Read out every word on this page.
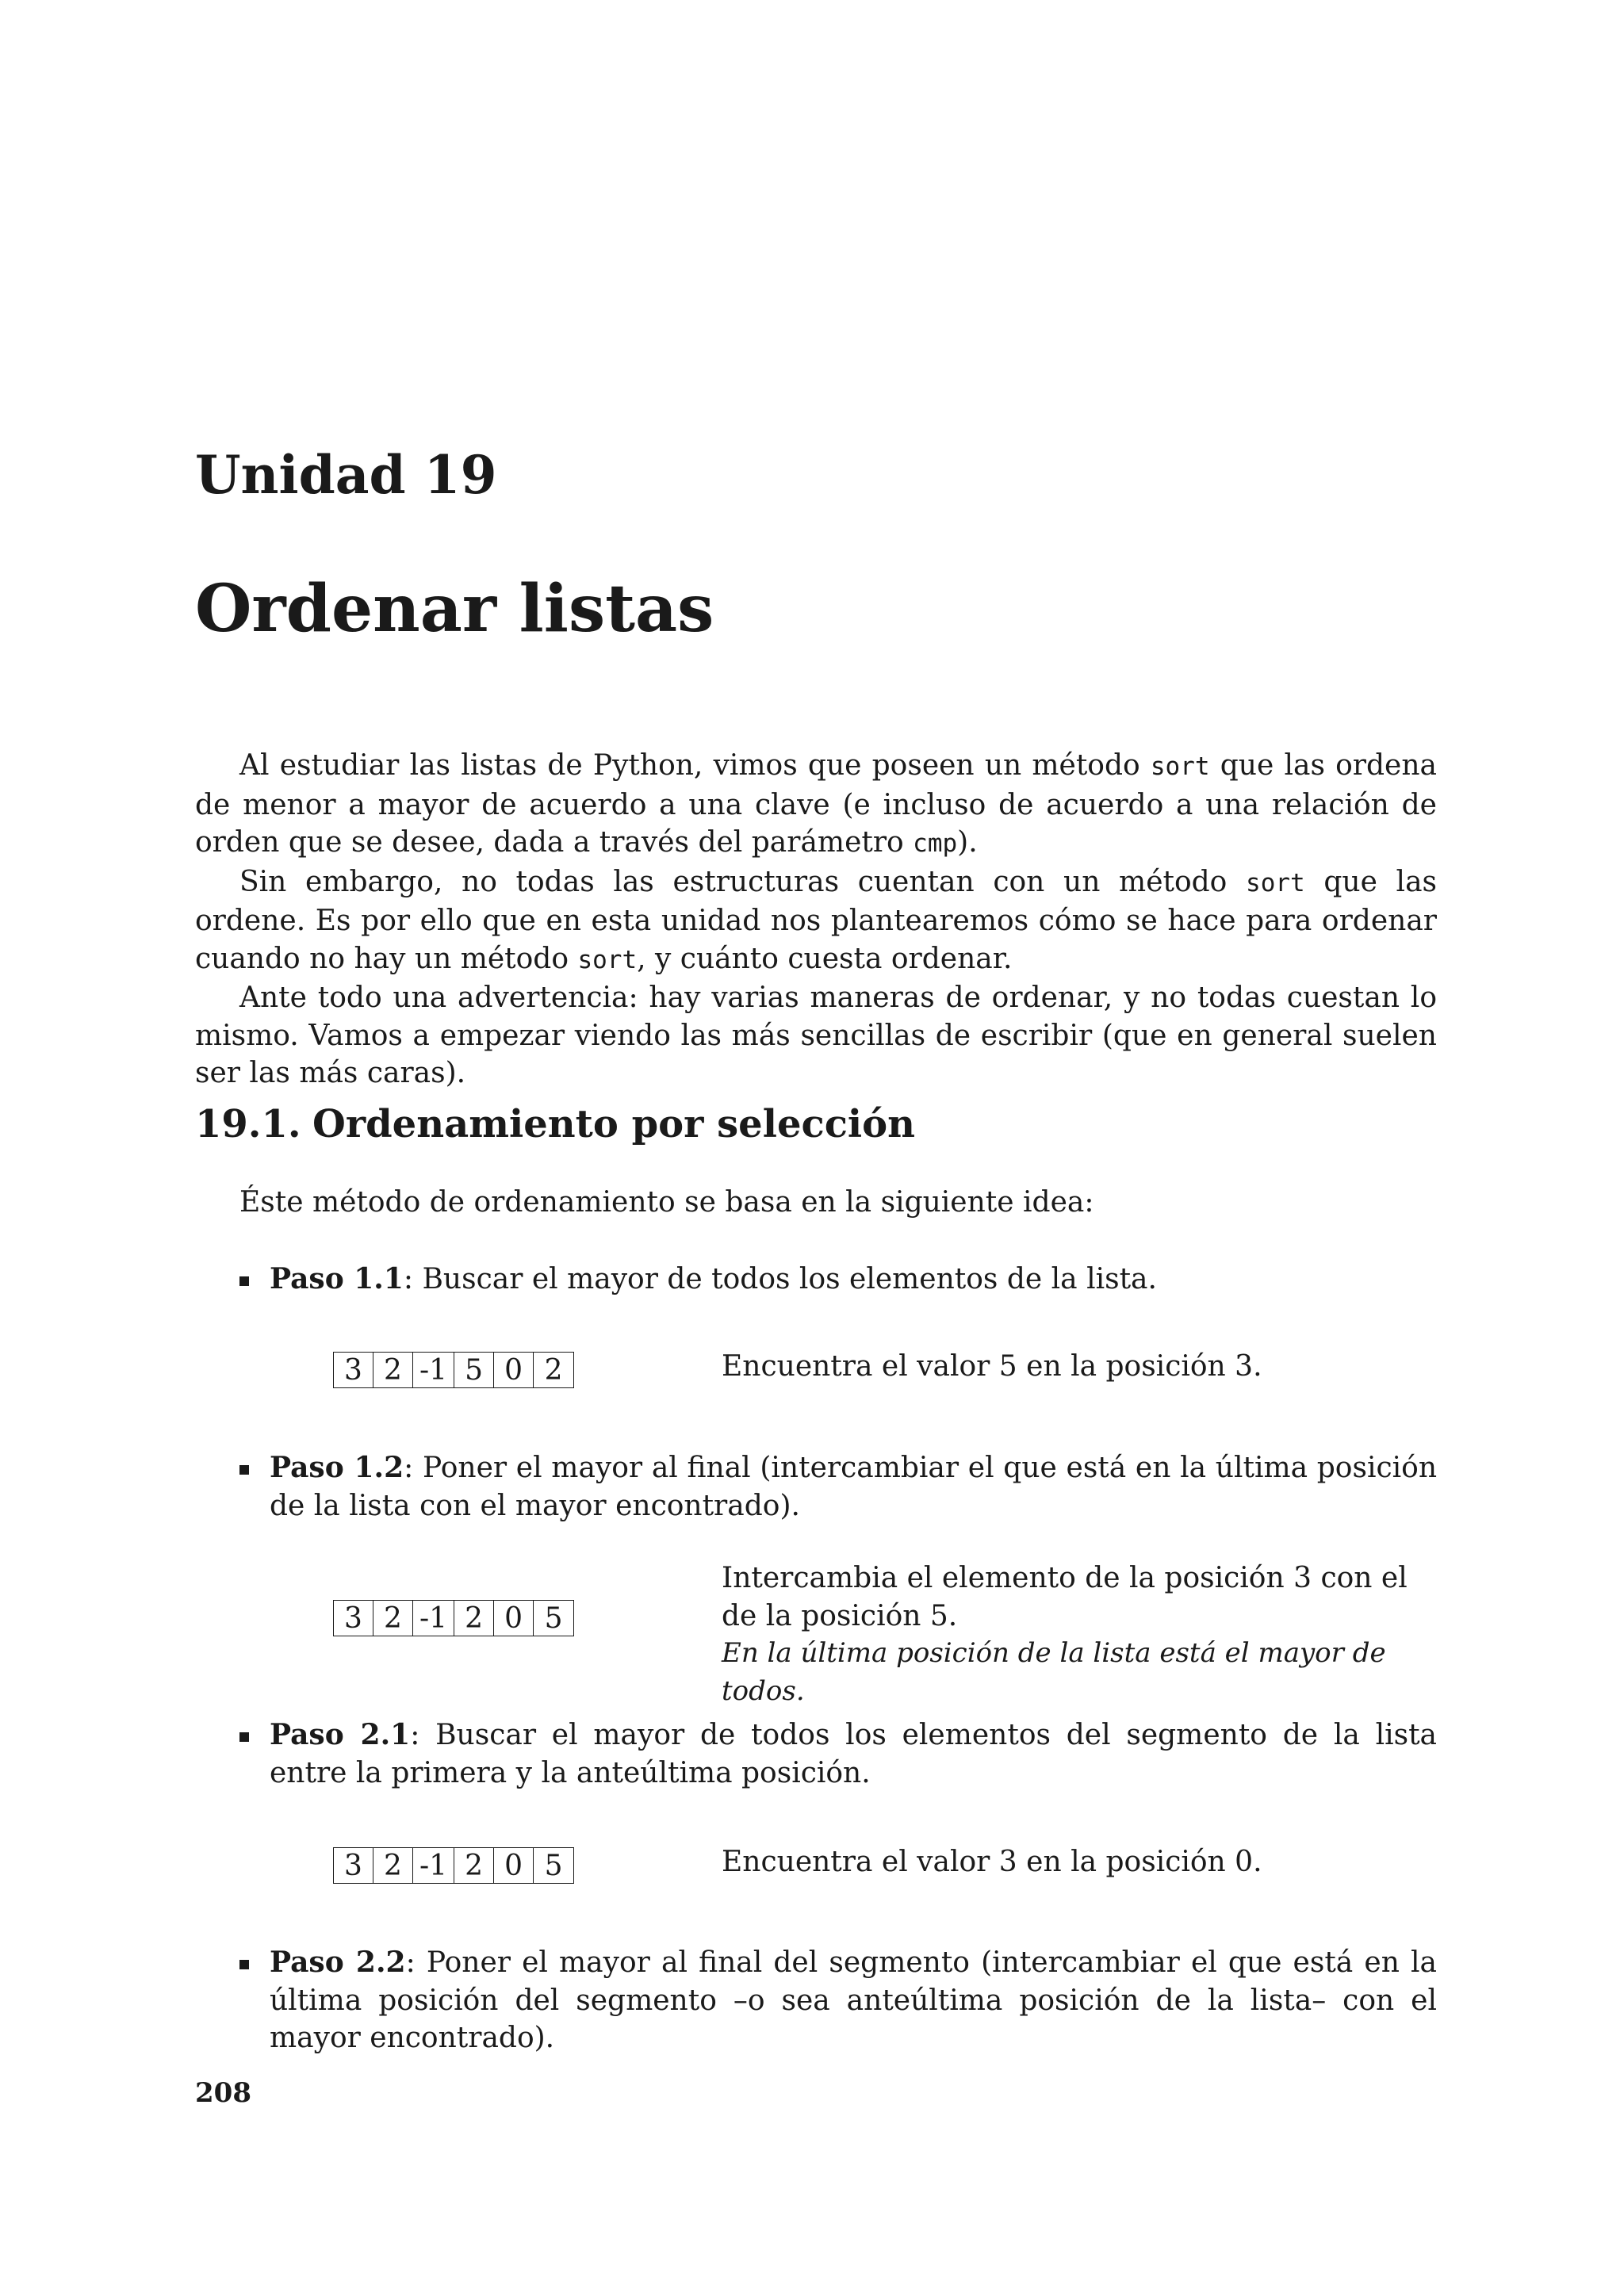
Unidad 19
Ordenar listas

Al estudiar las listas de Python, vimos que poseen un método sort que las ordena de menor a mayor de acuerdo a una clave (e incluso de acuerdo a una relación de orden que se desee, dada a través del parámetro cmp).

Sin embargo, no todas las estructuras cuentan con un método sort que las ordene. Es por ello que en esta unidad nos plantearemos cómo se hace para ordenar cuando no hay un método sort, y cuánto cuesta ordenar.

Ante todo una advertencia: hay varias maneras de ordenar, y no todas cuestan lo mismo. Vamos a empezar viendo las más sencillas de escribir (que en general suelen ser las más caras).

19.1. Ordenamiento por selección
Éste método de ordenamiento se basa en la siguiente idea:
Paso 1.1: Buscar el mayor de todos los elementos de la lista.
3 2 -1 5 0 2	Encuentra el valor 5 en la posición 3.
Paso 1.2: Poner el mayor al final (intercambiar el que está en la última posición de la lista con el mayor encontrado).
3 2 -1 2 0 5
Intercambia el elemento de la posición 3 con el de la posición 5.
En la última posición de la lista está el mayor de todos.
Paso 2.1: Buscar el mayor de todos los elementos del segmento de la lista entre la primera y la anteúltima posición.
3 2 -1 2 0 5	Encuentra el valor 3 en la posición 0.
Paso 2.2: Poner el mayor al final del segmento (intercambiar el que está en la última posición del segmento –o sea anteúltima posición de la lista– con el mayor encontrado).
208
